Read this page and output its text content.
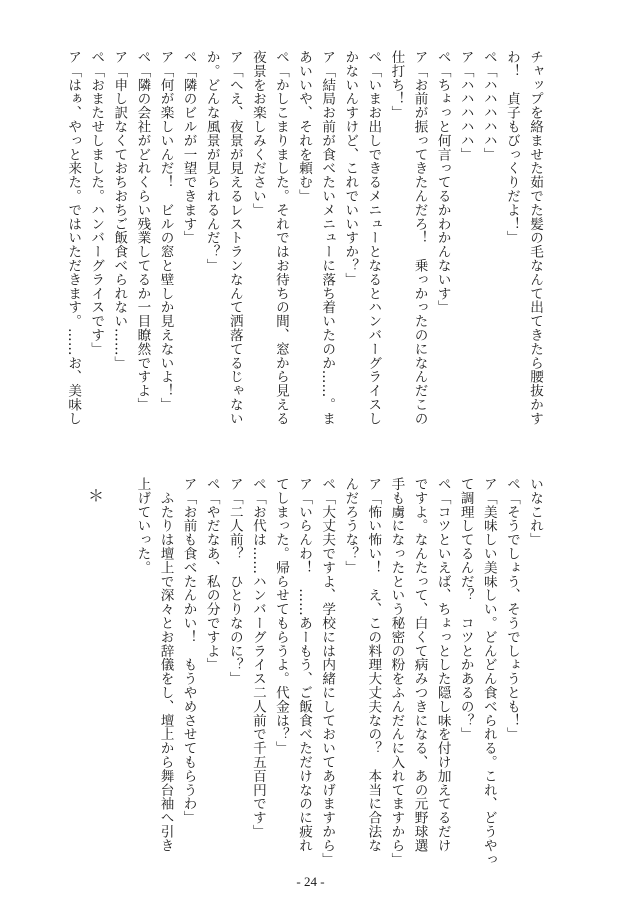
チャップを絡ませた茹でた髪の毛なんて出てきたら腰抜かす
わ！　貞子もびっくりだよ！」
ペ「ハハハハハ」
ア「ハハハハハ」
ペ「ちょっと何言ってるかわかんないす」
ア「お前が振ってきたんだろ！　乗っかったのになんだこの
仕打ち！」
ペ「いまお出しできるメニューとなるとハンバーグライスし
かないんすけど、これでいいすか？」
ア「結局お前が食べたいメニューに落ち着いたのか……。ま
あいいや、それを頼む」
ペ「かしこまりました。それではお待ちの間、窓から見える
夜景をお楽しみください」
ア「へえ、夜景が見えるレストランなんて洒落てるじゃない
か。どんな風景が見られるんだ？」
ペ「隣のビルが一望できます」
ア「何が楽しいんだ！　ビルの窓と壁しか見えないよ！」
ペ「隣の会社がどれくらい残業してるか一目瞭然ですよ」
ア「申し訳なくておちおちご飯食べられない……」
ペ「おまたせしました。ハンバーグライスです」
ア「はぁ、やっと来た。ではいただきます。……お、美味し
いなこれ」
ペ「そうでしょう、そうでしょうとも！」
ア「美味しい美味しい。どんどん食べられる。これ、どうやっ
て調理してるんだ？　コツとかあるの？」
ペ「コツといえば、ちょっとした隠し味を付け加えてるだけ
ですよ。なんたって、白くて病みつきになる、あの元野球選
手も虜になったという秘密の粉をふんだんに入れてますから」
ア「怖い怖い！　え、この料理大丈夫なの？　本当に合法な
んだろうな？」
ペ「大丈夫ですよ、学校には内緒にしておいてあげますから」
ア「いらんわ！　……あーもう、ご飯食べただけなのに疲れ
てしまった。帰らせてもらうよ。代金は？」
ペ「お代は……ハンバーグライス二人前で千五百円です」
ア「二人前？　ひとりなのに？」
ペ「やだなあ、私の分ですよ」
ア「お前も食べたんかい！　もうやめさせてもらうわ」
　ふたりは壇上で深々とお辞儀をし、壇上から舞台袖へ引き
上げていった。
＊
- 24 -
